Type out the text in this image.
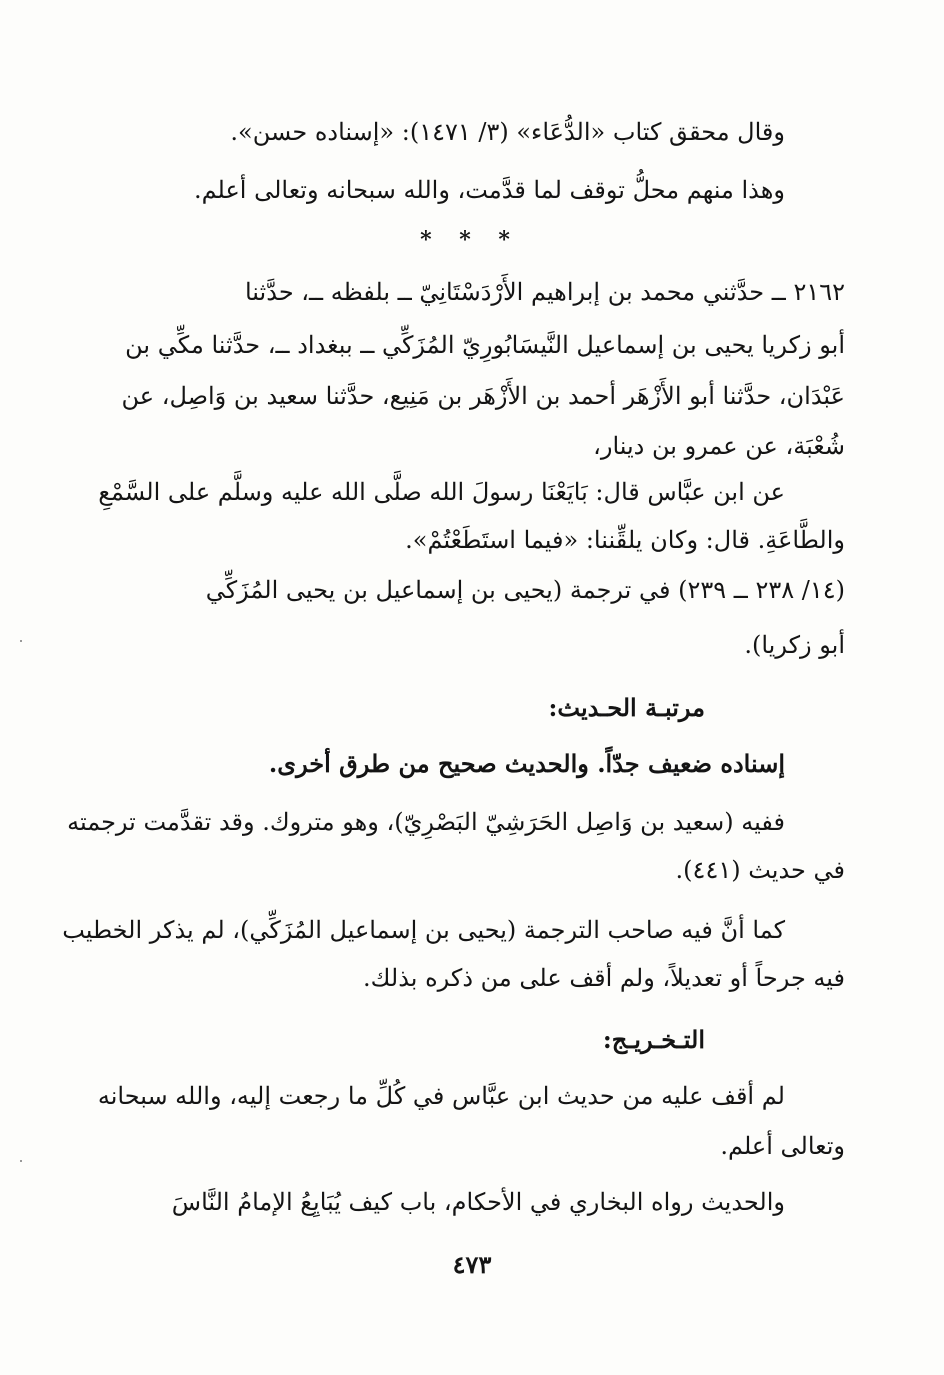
وقال محقق كتاب «الدُّعَاء» (٣/ ١٤٧١): «إسناده حسن».
وهذا منهم محلُّ توقف لما قدَّمت، والله سبحانه وتعالى أعلم.
* * *
٢١٦٢ ــ حدَّثني محمد بن إبراهيم الأَرْدَسْتَانِيّ ــ بلفظه ــ، حدَّثنا
أبو زكريا يحيى بن إسماعيل النَّيسَابُورِيّ المُزَكِّي ــ ببغداد ــ، حدَّثنا مكِّي بن
عَبْدَان، حدَّثنا أبو الأَزْهَر أحمد بن الأَزْهَر بن مَنِيع، حدَّثنا سعيد بن وَاصِل، عن
شُعْبَة، عن عمرو بن دينار،
عن ابن عبَّاس قال: بَايَعْنَا رسولَ الله صلَّى الله عليه وسلَّم على السَّمْعِ
والطَّاعَةِ. قال: وكان يلقِّننا: «فيما استَطَعْتُمْ».
(١٤/ ٢٣٨ ــ ٢٣٩) في ترجمة (يحيى بن إسماعيل بن يحيى المُزَكِّي
أبو زكريا).
مرتبـة الحـديث:
إسناده ضعيف جدّاً. والحديث صحيح من طرق أخرى.
ففيه (سعيد بن وَاصِل الحَرَشِيّ البَصْرِيّ)، وهو متروك. وقد تقدَّمت ترجمته
في حديث (٤٤١).
كما أنَّ فيه صاحب الترجمة (يحيى بن إسماعيل المُزَكِّي)، لم يذكر الخطيب
فيه جرحاً أو تعديلاً، ولم أقف على من ذكره بذلك.
التـخـريـج:
لم أقف عليه من حديث ابن عبَّاس في كُلِّ ما رجعت إليه، والله سبحانه
وتعالى أعلم.
والحديث رواه البخاري في الأحكام، باب كيف يُبَايِعُ الإمامُ النَّاسَ
٤٧٣
